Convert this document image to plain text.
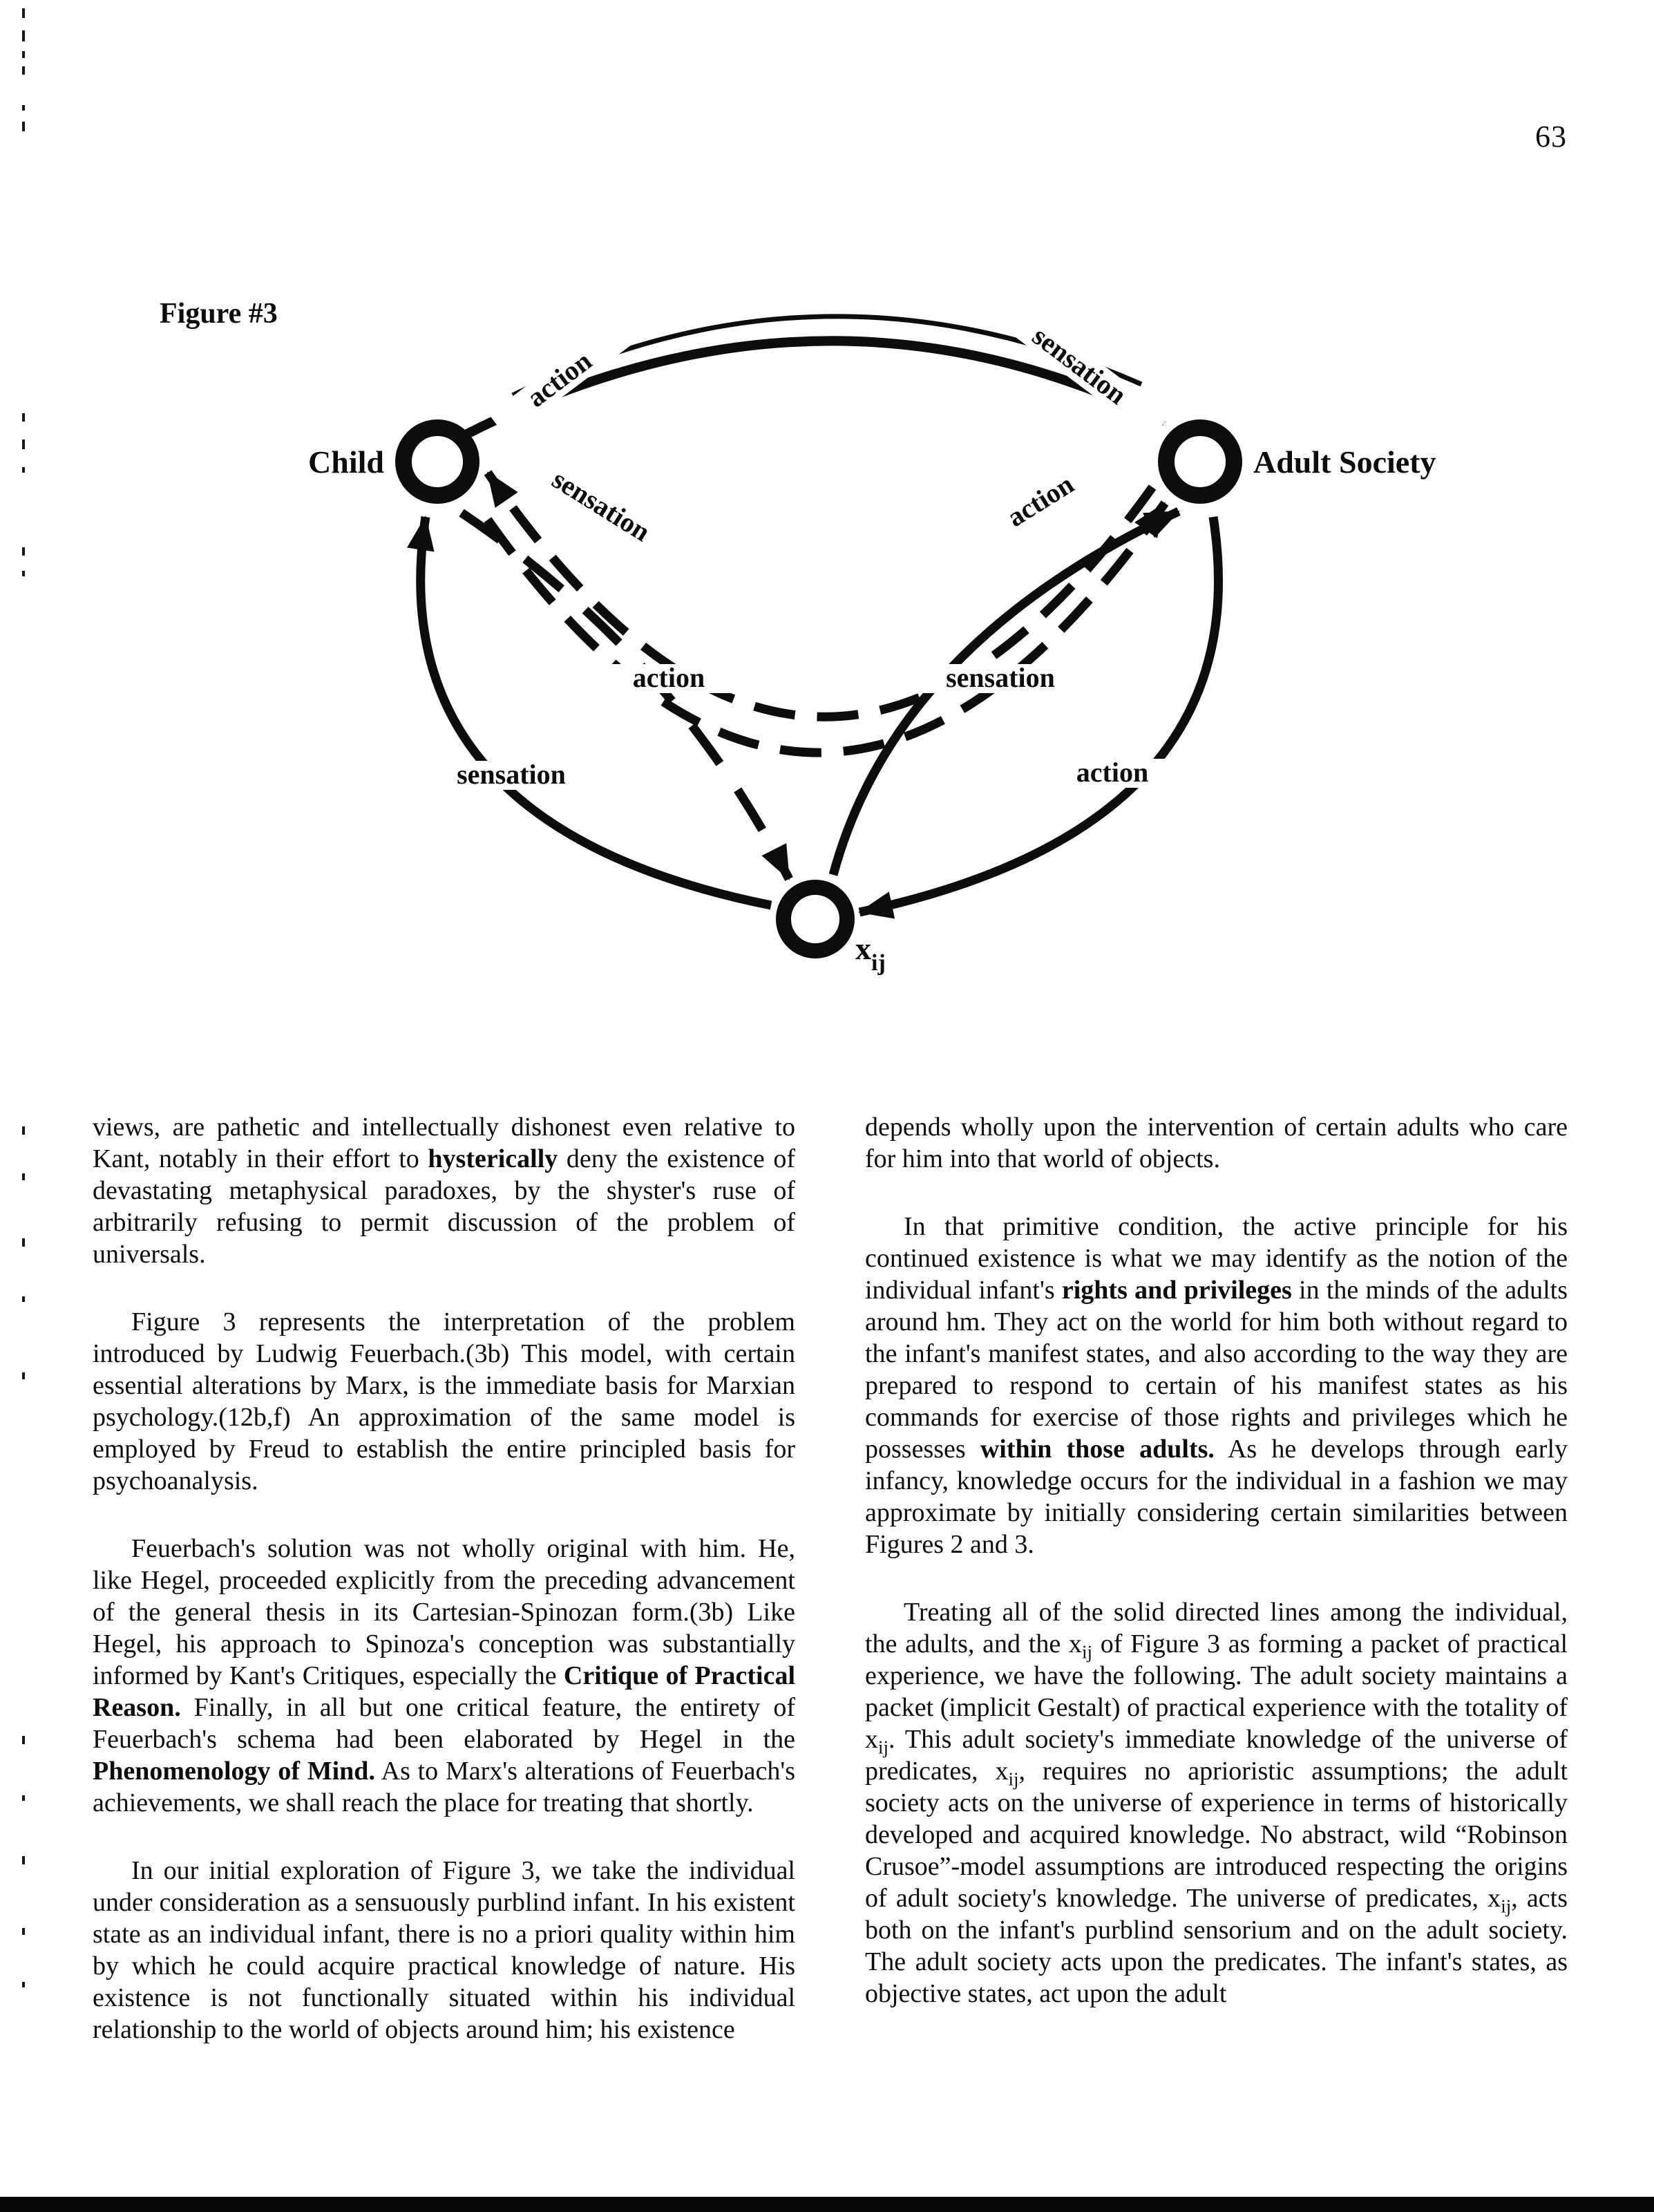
63
Figure #3
action	sensation
sensation	action
action	sensation
sensation	action
Child	Adult Society
$x_{ij}$

views, are pathetic and intellectually dishonest even relative to Kant, notably in their effort to hysterically deny the existence of devastating metaphysical paradoxes, by the shyster's ruse of arbitrarily refusing to permit discussion of the problem of universals.

Figure 3 represents the interpretation of the problem introduced by Ludwig Feuerbach.(3b) This model, with certain essential alterations by Marx, is the immediate basis for Marxian psychology.(12b,f) An approximation of the same model is employed by Freud to establish the entire principled basis for psychoanalysis.

Feuerbach's solution was not wholly original with him. He, like Hegel, proceeded explicitly from the preceding advancement of the general thesis in its Cartesian-Spinozan form.(3b) Like Hegel, his approach to Spinoza's conception was substantially informed by Kant's Critiques, especially the Critique of Practical Reason. Finally, in all but one critical feature, the entirety of Feuerbach's schema had been elaborated by Hegel in the Phenomenology of Mind. As to Marx's alterations of Feuerbach's achievements, we shall reach the place for treating that shortly.

In our initial exploration of Figure 3, we take the individual under consideration as a sensuously purblind infant. In his existent state as an individual infant, there is no a priori quality within him by which he could acquire practical knowledge of nature. His existence is not functionally situated within his individual relationship to the world of objects around him; his existence

depends wholly upon the intervention of certain adults who care for him into that world of objects.

In that primitive condition, the active principle for his continued existence is what we may identify as the notion of the individual infant's rights and privileges in the minds of the adults around hm. They act on the world for him both without regard to the infant's manifest states, and also according to the way they are prepared to respond to certain of his manifest states as his commands for exercise of those rights and privileges which he possesses within those adults. As he develops through early infancy, knowledge occurs for the individual in a fashion we may approximate by initially considering certain similarities between Figures 2 and 3.

Treating all of the solid directed lines among the individual, the adults, and the $x_{ij}$ of Figure 3 as forming a packet of practical experience, we have the following. The adult society maintains a packet (implicit Gestalt) of practical experience with the totality of $x_{ij}$. This adult society's immediate knowledge of the universe of predicates, $x_{ij}$, requires no aprioristic assumptions; the adult society acts on the universe of experience in terms of historically developed and acquired knowledge. No abstract, wild “Robinson Crusoe”-model assumptions are introduced respecting the origins of adult society's knowledge. The universe of predicates, $x_{ij}$, acts both on the infant's purblind sensorium and on the adult society. The adult society acts upon the predicates. The infant's states, as objective states, act upon the adult
